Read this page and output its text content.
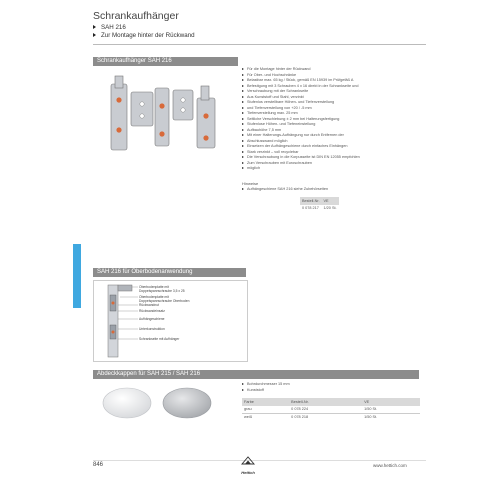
Schrankaufhänger
SAH 216
Zur Montage hinter der Rückwand
Schrankaufhänger SAH 216
Für die Montage hinter der Rückwand
Für Ober- und Hochschränke
Belastbar max. 65 kg / Stück, gemäß EN 15939 im Prüfgefäß A
Befestigung mit 3 Schrauben 4 x 16 direkt in der Schrankseite und
Verschraubung mit der Schrankseite
Aus Kunststoff und Stahl, verzinkt
Stufenlos verstellbare Höhen- und Tiefenverstellung
und Tiefenverstellung von +20 / -5 mm
Tiefenverstellung max. 25 mm
Seitliche Verschiebung ± 2 mm bei Halterungsfertigung
Stufenlose Höhen- und Tiefeneinstellung
Aufbauhöhe 7,5 mm
Mit einer Halterungs-Aufhängung nur durch Entfernen der
Abschlusswand möglich
Einsetzen der Aufhängeschiene durch einfaches Einhängen
Stark verzinkt – voll recyclebar
Die Verschraubung in die Korpusseite ist DIN EN 12055 empfohlen
Zum Verschrauben mit Euroschrauben
möglich
Hinweise
Aufhängeschiene SAH 216 siehe Zubehörseiten
Bestell-Nr.	VE
0 078 217	1/20 St.
SAH 216 für Oberbodenanwendung
Oberbodenplatte mit
Doppelspannschraube 3,5 x 25
Oberbodenplatte mit
Doppelspannschraube Oberboden
Rückwandnut
Rückwandeinsatz
Aufhängeschiene
Unterkonstruktion
Schrankseite mit Aufhänger
Abdeckkappen für SAH 215 / SAH 216
Bohrdurchmesser 15 mm
Kunststoff
Farbe	Bestell-Nr.	VE
grau	0 078 224	1/50 St.
weiß	0 078 218	1/50 St.
846
Hettich
www.hettich.com
